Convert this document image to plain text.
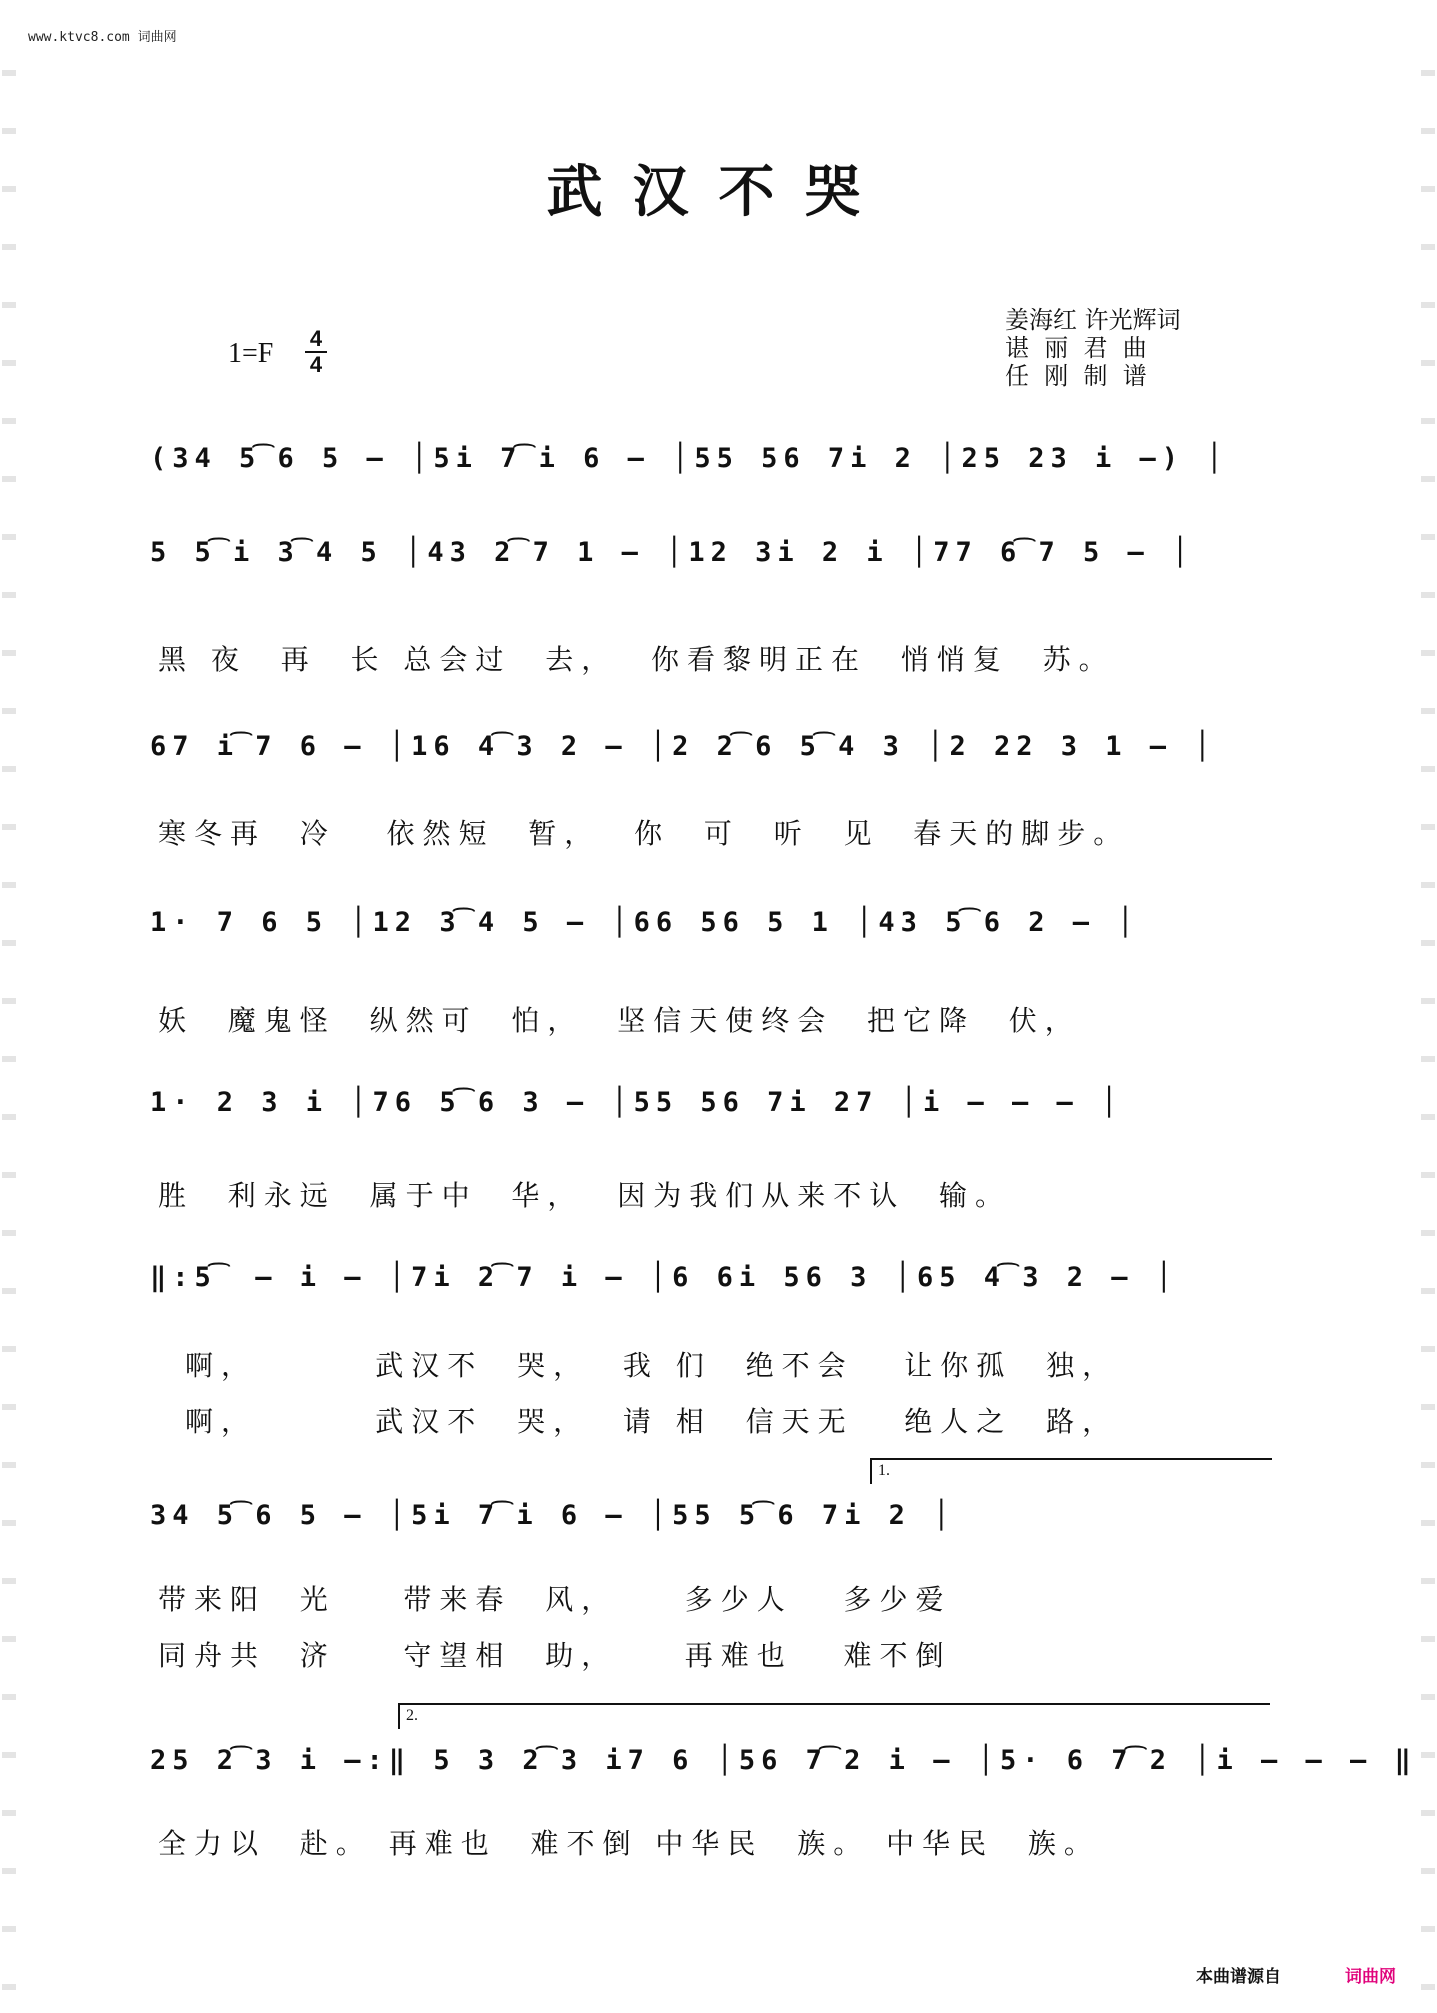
www.ktvc8.com 词曲网
武汉不哭
1=F 4
4
姜海红 许光辉词
谌  丽  君  曲
任  刚  制  谱
(34 5͡6 5 – │5i 7͡i 6 – │55 56 7i 2 │25 23 i –) │
5 5͡i 3͡4 5 │43 2͡7 1 – │12 3i 2 i │77 6͡7 5 – │
黑 夜  再  长 总会过  去，  你看黎明正在  悄悄复  苏。
67 i͡7 6 – │16 4͡3 2 – │2 2͡6 5͡4 3 │2 22 3 1 – │
寒冬再  冷   依然短  暂，  你  可  听  见  春天的脚步。
1· 7 6 5 │12 3͡4 5 – │66 56 5 1 │43 5͡6 2 – │
妖  魔鬼怪  纵然可  怕，  坚信天使终会  把它降  伏，
1· 2 3 i │76 5͡6 3 – │55 56 7i 27 │i – – – │
胜  利永远  属于中  华，  因为我们从来不认  输。
‖:5͡ – i – │7i 2͡7 i – │6 6i 56 3 │65 4͡3 2 – │
啊，       武汉不  哭，  我 们  绝不会   让你孤  独，
啊，       武汉不  哭，  请 相  信天无   绝人之  路，
1.
34 5͡6 5 – │5i 7͡i 6 – │55 5͡6 7i 2 │
带来阳  光    带来春  风，    多少人   多少爱
同舟共  济    守望相  助，    再难也   难不倒
2.
25 2͡3 i –:‖ 5 3 2͡3 i7 6 │56 7͡2 i – │5· 6 7͡2 │i – – – ‖
全力以  赴。 再难也  难不倒 中华民  族。 中华民  族。
本曲谱源自	词曲网
